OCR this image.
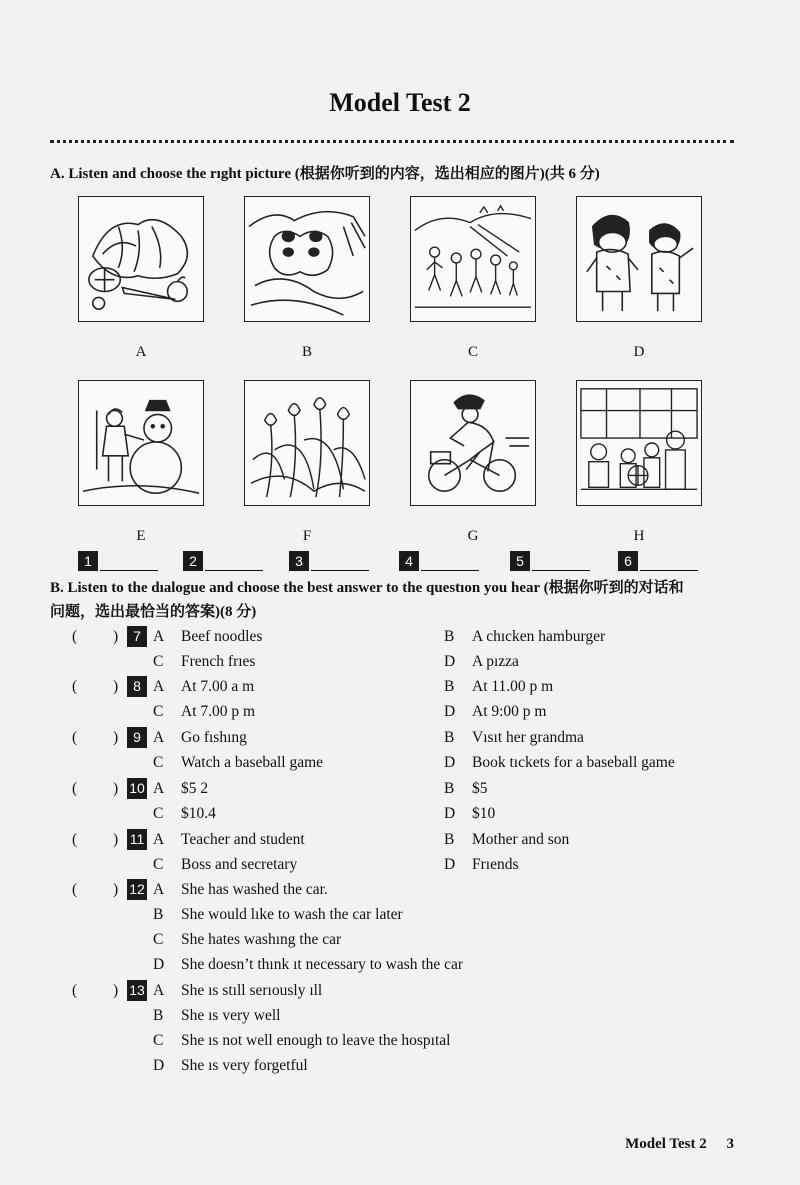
Model Test 2
A. Listen and choose the rıght picture (根据你听到的内容，选出相应的图片)(共 6 分)
A	B	C	D
E	F	G	H
1	2	3	4	5	6
B. Listen to the dıalogue and choose the best answer to the questıon you hear (根据你听到的对话和
问题，选出最恰当的答案)(8 分)
( )	7 A Beef noodles	B A chıcken hamburger
C French frıes	D A pızza
( )	8 A At 7.00 a m	B At 11.00 p m
C At 7.00 p m	D At 9:00 p m
( )	9 A Go fıshıng	B Vısıt her grandma
C Watch a baseball game	D Book tıckets for a baseball game
( ) 10 A $5 2	B $5
C $10.4	D $10
( ) 11 A Teacher and student	B Mother and son
C Boss and secretary	D Frıends
( ) 12 A She has washed the car.
B She would lıke to wash the car later
C She hates washıng the car
D She doesn’t thınk ıt necessary to wash the car
( ) 13 A She ıs stıll serıously ıll
B She ıs very well
C She ıs not well enough to leave the hospıtal
D She ıs very forgetful
Model Test 2 3
